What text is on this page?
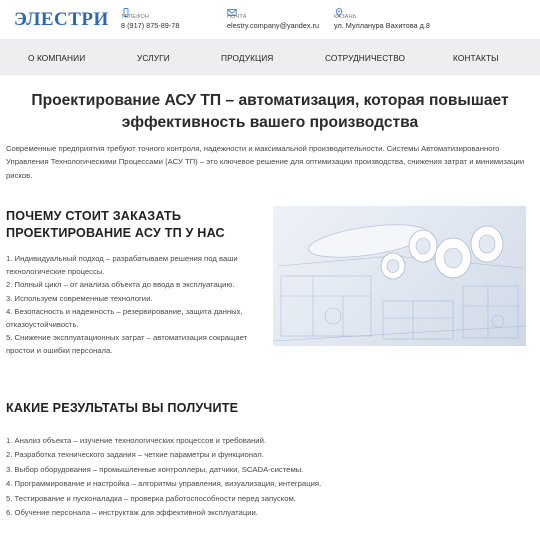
ЭЛЕСТРИ ТЕЛЕФОН
8 (917) 875-89-78
ПОЧТА
elestry.company@yandex.ru
КАЗАНЬ
ул. Мулланура Вахитова д.8
О КОМПАНИИ	УСЛУГИ	ПРОДУКЦИЯ	СОТРУДНИЧЕСТВО	КОНТАКТЫ
Проектирование АСУ ТП – автоматизация, которая повышает эффективность вашего производства

Современные предприятия требуют точного контроля, надежности и максимальной производительности. Системы Автоматизированного Управления Технологическими Процессами (АСУ ТП) – это ключевое решение для оптимизации производства, снижения затрат и минимизации рисков.

ПОЧЕМУ СТОИТ ЗАКАЗАТЬ ПРОЕКТИРОВАНИЕ АСУ ТП У НАС
1. Индивидуальный подход – разрабатываем решения под ваши технологические процессы.
2. Полный цикл – от анализа объекта до ввода в эксплуатацию.
3. Используем современные технологии.
4. Безопасность и надежность – резервирование, защита данных, отказоустойчивость.
5. Снижение эксплуатационных затрат – автоматизация сокращает простои и ошибки персонала.
КАКИЕ РЕЗУЛЬТАТЫ ВЫ ПОЛУЧИТЕ
1. Анализ объекта – изучение технологических процессов и требований.
2. Разработка технического задания – четкие параметры и функционал.
3. Выбор оборудования – промышленные контроллеры, датчики, SCADA-системы.
4. Программирование и настройка – алгоритмы управления, визуализация, интеграция.
5. Тестирование и пусконаладка – проверка работоспособности перед запуском.
6. Обучение персонала – инструктаж для эффективной эксплуатации.
